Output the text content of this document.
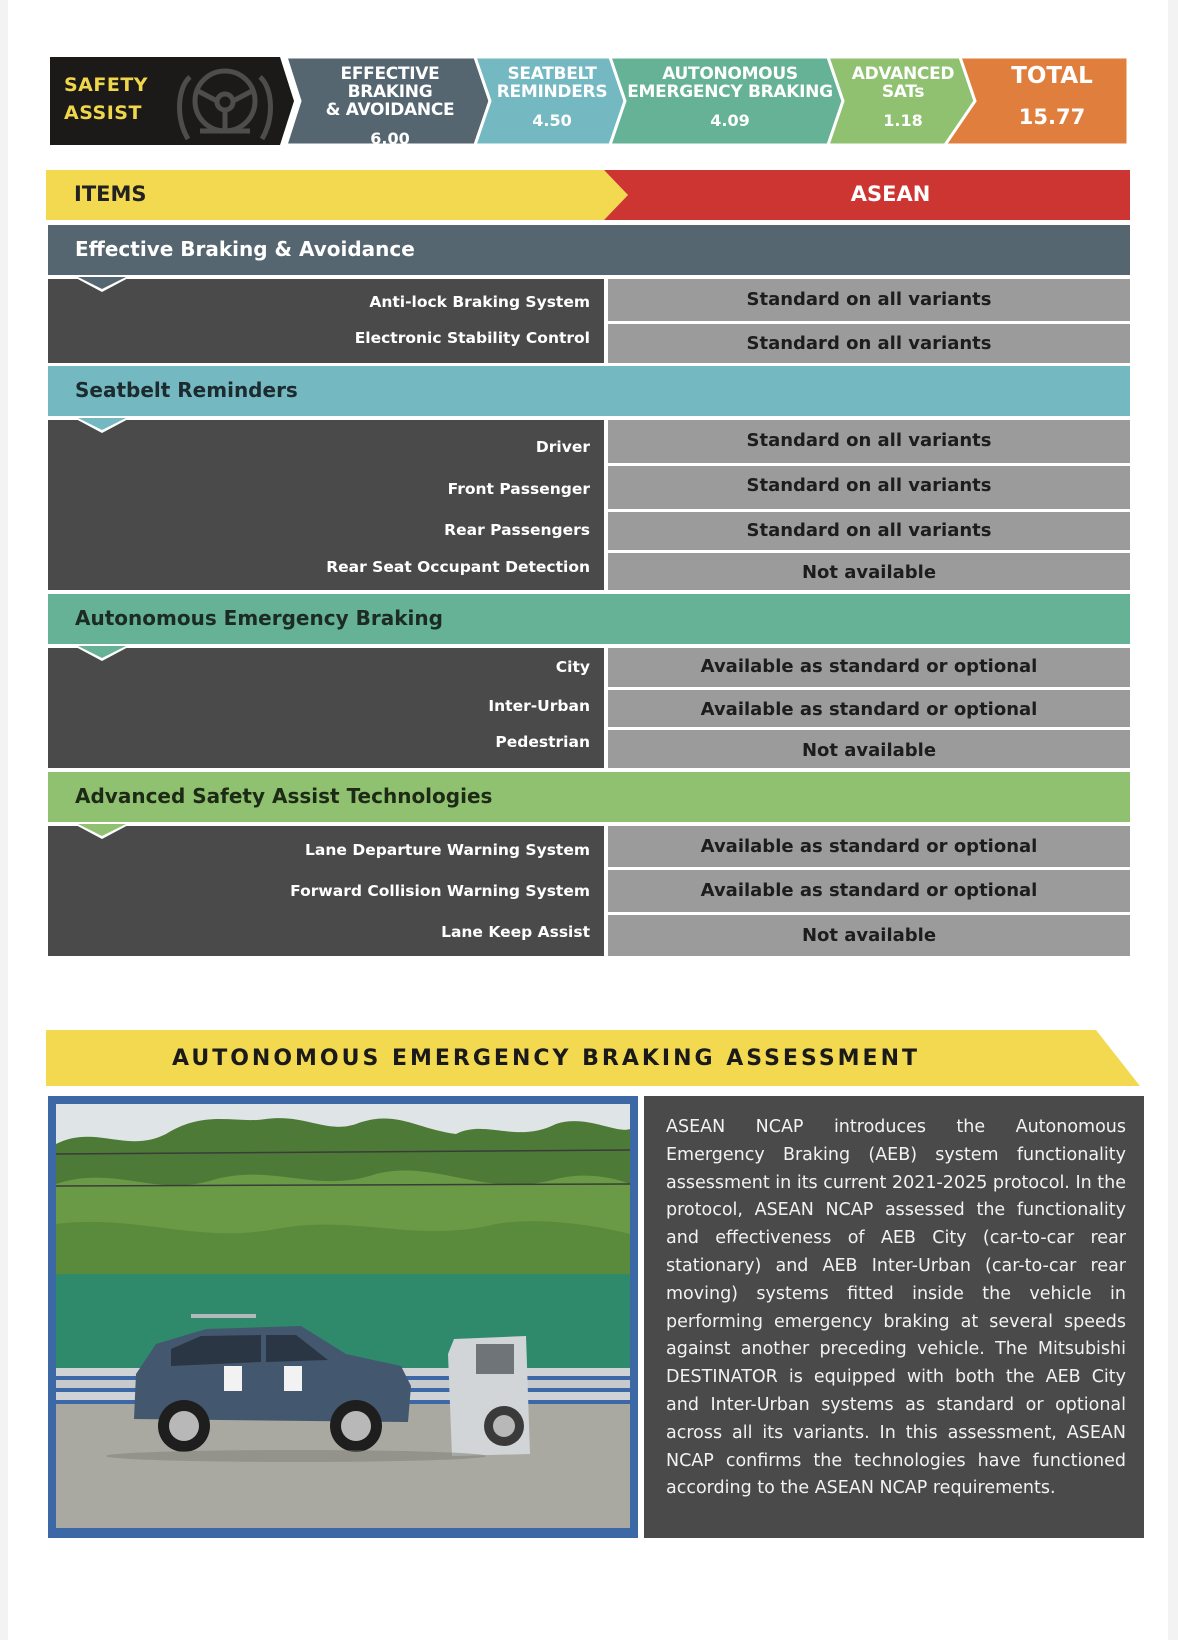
SAFETY
ASSIST
EFFECTIVE BRAKING
& AVOIDANCE
6.00
SEATBELT
REMINDERS
4.50
AUTONOMOUS
EMERGENCY BRAKING
4.09
ADVANCED
SATs
1.18
TOTAL
15.77
ITEMS	ASEAN
Effective Braking & Avoidance
Anti-lock Braking System
Electronic Stability Control
Standard on all variants
Standard on all variants
Seatbelt Reminders
Driver
Front Passenger
Rear Passengers
Rear Seat Occupant Detection
Standard on all variants
Standard on all variants
Standard on all variants
Not available
Autonomous Emergency Braking
City
Inter-Urban
Pedestrian
Available as standard or optional
Available as standard or optional
Not available
Advanced Safety Assist Technologies
Lane Departure Warning System
Forward Collision Warning System
Lane Keep Assist
Available as standard or optional
Available as standard or optional
Not available
AUTONOMOUS EMERGENCY BRAKING ASSESSMENT
ASEAN NCAP introduces the Autonomous Emergency Braking (AEB) system functionality assessment in its current 2021-2025 protocol. In the protocol, ASEAN NCAP assessed the functionality and effectiveness of AEB City (car-to-car rear stationary) and AEB Inter-Urban (car-to-car rear moving) systems fitted inside the vehicle in performing emergency braking at several speeds against another preceding vehicle. The Mitsubishi DESTINATOR is equipped with both the AEB City and Inter-Urban systems as standard or optional across all its variants. In this assessment, ASEAN NCAP confirms the technologies have functioned according to the ASEAN NCAP requirements.
